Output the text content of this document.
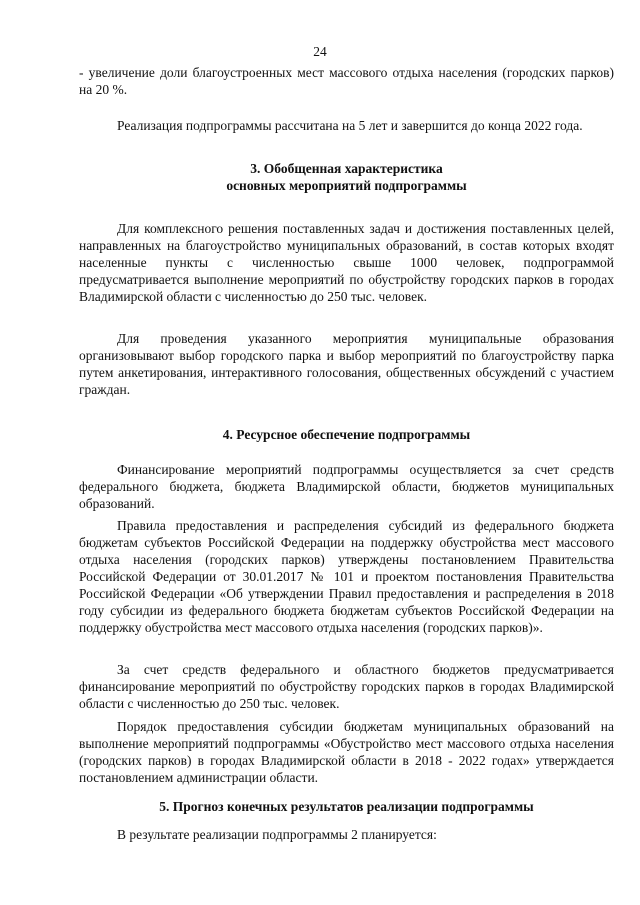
24

- увеличение доли благоустроенных мест массового отдыха населения (городских парков) на 20 %.

Реализация подпрограммы рассчитана на 5 лет и завершится до конца 2022 года.

3. Обобщенная характеристика
основных мероприятий подпрограммы

Для комплексного решения поставленных задач и достижения поставленных целей, направленных на благоустройство муниципальных образований, в состав которых входят населенные пункты с численностью свыше 1000 человек, подпрограммой предусматривается выполнение мероприятий по обустройству городских парков в городах Владимирской области с численностью до 250 тыс. человек.

Для проведения указанного мероприятия муниципальные образования организовывают выбор городского парка и выбор мероприятий по благоустройству парка путем анкетирования, интерактивного голосования, общественных обсуждений с участием граждан.

4. Ресурсное обеспечение подпрограммы

Финансирование мероприятий подпрограммы осуществляется за счет средств федерального бюджета, бюджета Владимирской области, бюджетов муниципальных образований.

Правила предоставления и распределения субсидий из федерального бюджета бюджетам субъектов Российской Федерации на поддержку обустройства мест массового отдыха населения (городских парков) утверждены постановлением Правительства Российской Федерации от 30.01.2017 № 101 и проектом постановления Правительства Российской Федерации «Об утверждении Правил предоставления и распределения в 2018 году субсидии из федерального бюджета бюджетам субъектов Российской Федерации на поддержку обустройства мест массового отдыха населения (городских парков)».

За счет средств федерального и областного бюджетов предусматривается финансирование мероприятий по обустройству городских парков в городах Владимирской области с численностью до 250 тыс. человек.

Порядок предоставления субсидии бюджетам муниципальных образований на выполнение мероприятий подпрограммы «Обустройство мест массового отдыха населения (городских парков) в городах Владимирской области в 2018 - 2022 годах» утверждается постановлением администрации области.

5. Прогноз конечных результатов реализации подпрограммы

В результате реализации подпрограммы 2 планируется:
